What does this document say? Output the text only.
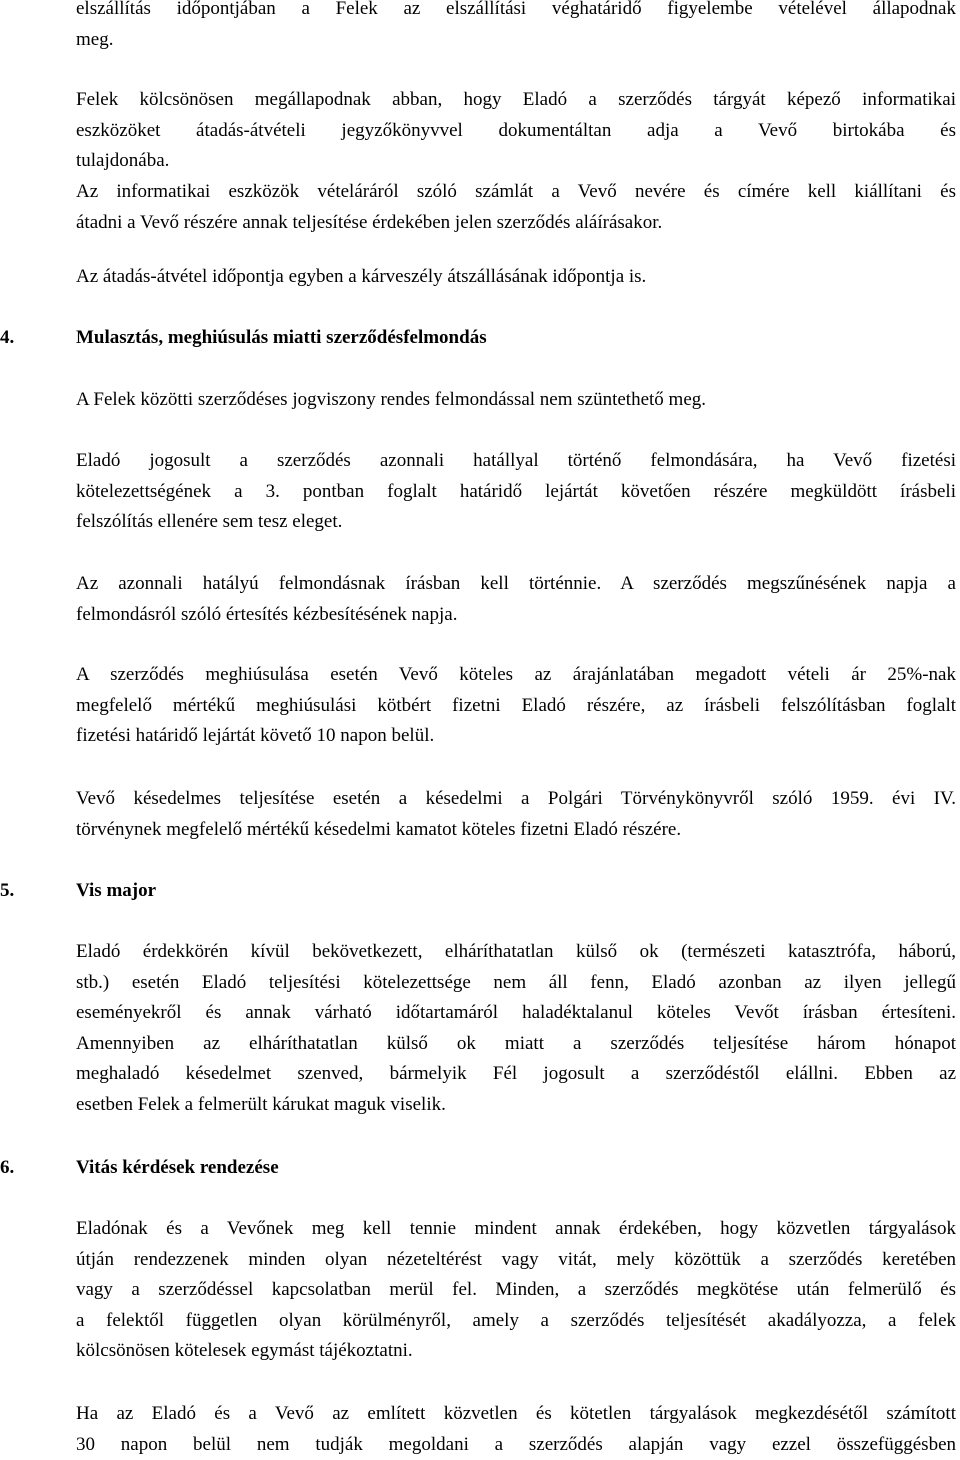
elszállítás időpontjában a Felek az elszállítási véghatáridő figyelembe vételével állapodnak
meg.
Felek kölcsönösen megállapodnak abban, hogy Eladó a szerződés tárgyát képező informatikai
eszközöket átadás-átvételi jegyzőkönyvvel dokumentáltan adja a Vevő birtokába és
tulajdonába.
Az informatikai eszközök vételáráról szóló számlát a Vevő nevére és címére kell kiállítani és
átadni a Vevő részére annak teljesítése érdekében jelen szerződés aláírásakor.
Az átadás-átvétel időpontja egyben a kárveszély átszállásának időpontja is.
4.	Mulasztás, meghiúsulás miatti szerződésfelmondás
A Felek közötti szerződéses jogviszony rendes felmondással nem szüntethető meg.
Eladó jogosult a szerződés azonnali hatállyal történő felmondására, ha Vevő fizetési
kötelezettségének a 3. pontban foglalt határidő lejártát követően részére megküldött írásbeli
felszólítás ellenére sem tesz eleget.
Az azonnali hatályú felmondásnak írásban kell történnie. A szerződés megszűnésének napja a
felmondásról szóló értesítés kézbesítésének napja.
A szerződés meghiúsulása esetén Vevő köteles az árajánlatában megadott vételi ár 25%-nak
megfelelő mértékű meghiúsulási kötbért fizetni Eladó részére, az írásbeli felszólításban foglalt
fizetési határidő lejártát követő 10 napon belül.
Vevő késedelmes teljesítése esetén a késedelmi a Polgári Törvénykönyvről szóló 1959. évi IV.
törvénynek megfelelő mértékű késedelmi kamatot köteles fizetni Eladó részére.
5.	Vis major
Eladó érdekkörén kívül bekövetkezett, elháríthatatlan külső ok (természeti katasztrófa, háború,
stb.) esetén Eladó teljesítési kötelezettsége nem áll fenn, Eladó azonban az ilyen jellegű
eseményekről és annak várható időtartamáról haladéktalanul köteles Vevőt írásban értesíteni.
Amennyiben az elháríthatatlan külső ok miatt a szerződés teljesítése három hónapot
meghaladó késedelmet szenved, bármelyik Fél jogosult a szerződéstől elállni. Ebben az
esetben Felek a felmerült kárukat maguk viselik.
6.	Vitás kérdések rendezése
Eladónak és a Vevőnek meg kell tennie mindent annak érdekében, hogy közvetlen tárgyalások
útján rendezzenek minden olyan nézeteltérést vagy vitát, mely közöttük a szerződés keretében
vagy a szerződéssel kapcsolatban merül fel. Minden, a szerződés megkötése után felmerülő és
a felektől független olyan körülményről, amely a szerződés teljesítését akadályozza, a felek
kölcsönösen kötelesek egymást tájékoztatni.
Ha az Eladó és a Vevő az említett közvetlen és kötetlen tárgyalások megkezdésétől számított
30 napon belül nem tudják megoldani a szerződés alapján vagy ezzel összefüggésben
